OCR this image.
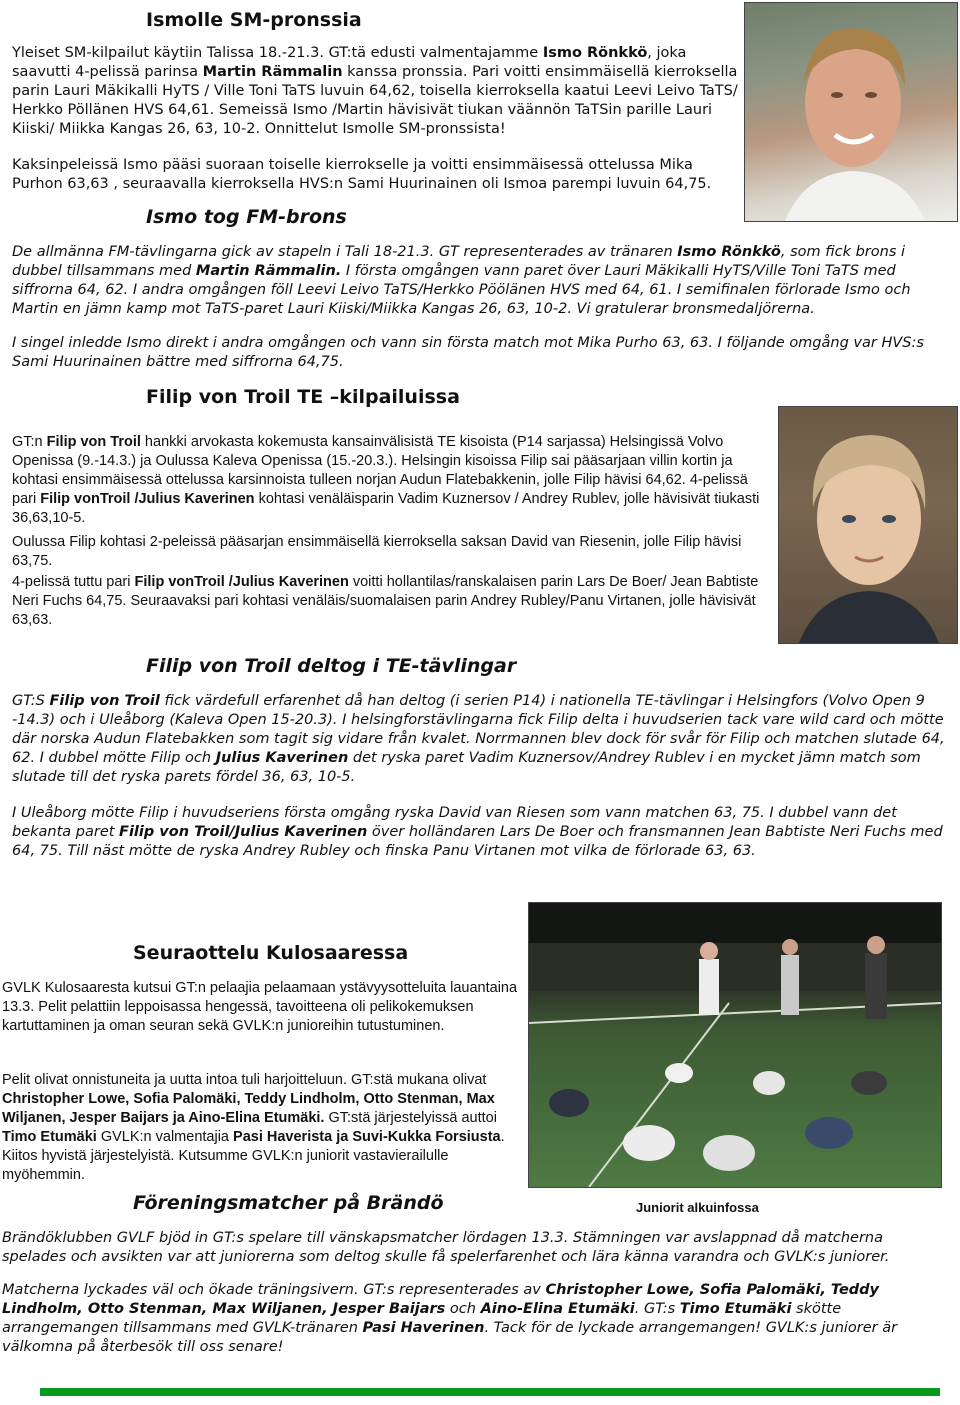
Ismolle SM-pronssia

Yleiset SM-kilpailut käytiin Talissa 18.-21.3. GT:tä edusti valmentajamme Ismo Rönkkö, joka saavutti 4-pelissä parinsa Martin Rämmalin kanssa pronssia. Pari voitti ensimmäisellä kierroksella parin Lauri Mäkikalli HyTS / Ville Toni TaTS luvuin 64,62, toisella kierroksella kaatui Leevi Leivo TaTS/ Herkko Pöllänen HVS 64,61. Semeissä Ismo /Martin hävisivät tiukan väännön TaTSin parille Lauri Kiiski/ Miikka Kangas 26, 63, 10-2. Onnittelut Ismolle SM-pronssista!

Kaksinpeleissä Ismo pääsi suoraan toiselle kierrokselle ja voitti ensimmäisessä ottelussa Mika Purhon 63,63 , seuraavalla kierroksella HVS:n Sami Huurinainen oli Ismoa parempi luvuin 64,75.

Ismo tog FM-brons

De allmänna FM-tävlingarna gick av stapeln i Tali 18-21.3. GT representerades av tränaren Ismo Rönkkö, som fick brons i dubbel tillsammans med Martin Rämmalin. I första omgången vann paret över Lauri Mäkikalli HyTS/Ville Toni TaTS med siffrorna 64, 62. I andra omgången föll Leevi Leivo TaTS/Herkko Pöölänen HVS med 64, 61. I semifinalen förlorade Ismo och Martin en jämn kamp mot TaTS-paret Lauri Kiiski/Miikka Kangas 26, 63, 10-2. Vi gratulerar bronsmedaljörerna.

I singel inledde Ismo direkt i andra omgången och vann sin första match mot Mika Purho 63, 63. I följande omgång var HVS:s Sami Huurinainen bättre med siffrorna 64,75.

Filip von Troil TE –kilpailuissa

GT:n Filip von Troil hankki arvokasta kokemusta kansainvälisistä TE kisoista (P14 sarjassa) Helsingissä Volvo Openissa (9.-14.3.) ja Oulussa Kaleva Openissa (15.-20.3.). Helsingin kisoissa Filip sai pääsarjaan villin kortin ja kohtasi ensimmäisessä ottelussa karsinnoista tulleen norjan Audun Flatebakkenin, jolle Filip hävisi 64,62. 4-pelissä pari Filip vonTroil /Julius Kaverinen kohtasi venäläisparin Vadim Kuznersov / Andrey Rublev, jolle hävisivät tiukasti 36,63,10-5.

Oulussa Filip kohtasi 2-peleissä pääsarjan ensimmäisellä kierroksella saksan David van Riesenin, jolle Filip hävisi 63,75.

4-pelissä tuttu pari Filip vonTroil /Julius Kaverinen voitti hollantilas/ranskalaisen parin Lars De Boer/ Jean Babtiste Neri Fuchs 64,75. Seuraavaksi pari kohtasi venäläis/suomalaisen parin Andrey Rubley/Panu Virtanen, jolle hävisivät 63,63.

Filip von Troil deltog i TE-tävlingar

GT:S Filip von Troil fick värdefull erfarenhet då han deltog (i serien P14) i nationella TE-tävlingar i Helsingfors (Volvo Open 9 -14.3) och i Uleåborg (Kaleva Open 15-20.3). I helsingforstävlingarna fick Filip delta i huvudserien tack vare wild card och mötte där norska Audun Flatebakken som tagit sig vidare från kvalet. Norrmannen blev dock för svår för Filip och matchen slutade 64, 62. I dubbel mötte Filip och Julius Kaverinen det ryska paret Vadim Kuznersov/Andrey Rublev i en mycket jämn match som slutade till det ryska parets fördel 36, 63, 10-5.

I Uleåborg mötte Filip i huvudseriens första omgång ryska David van Riesen som vann matchen 63, 75. I dubbel vann det bekanta paret Filip von Troil/Julius Kaverinen över holländaren Lars De Boer och fransmannen Jean Babtiste Neri Fuchs med 64, 75. Till näst mötte de ryska Andrey Rubley och finska Panu Virtanen mot vilka de förlorade 63, 63.

Seuraottelu Kulosaaressa

GVLK Kulosaaresta kutsui GT:n pelaajia pelaamaan ystävyysotteluita lauantaina 13.3. Pelit pelattiin leppoisassa hengessä, tavoitteena oli pelikokemuksen kartuttaminen ja oman seuran sekä GVLK:n junioreihin tutustuminen.

Pelit olivat onnistuneita ja uutta intoa tuli harjoitteluun. GT:stä mukana olivat Christopher Lowe, Sofia Palomäki, Teddy Lindholm, Otto Stenman, Max Wiljanen, Jesper Baijars ja Aino-Elina Etumäki. GT:stä järjestelyissä auttoi Timo Etumäki GVLK:n valmentajia Pasi Haverista ja Suvi-Kukka Forsiusta. Kiitos hyvistä järjestelyistä. Kutsumme GVLK:n juniorit vastavierailulle myöhemmin.

Juniorit alkuinfossa
Föreningsmatcher på Brändö

Brändöklubben GVLF bjöd in GT:s spelare till vänskapsmatcher lördagen 13.3. Stämningen var avslappnad då matcherna spelades och avsikten var att juniorerna som deltog skulle få spelerfarenhet och lära känna varandra och GVLK:s juniorer.

Matcherna lyckades väl och ökade träningsivern. GT:s representerades av Christopher Lowe, Sofia Palomäki, Teddy Lindholm, Otto Stenman, Max Wiljanen, Jesper Baijars och Aino-Elina Etumäki. GT:s Timo Etumäki skötte arrangemangen tillsammans med GVLK-tränaren Pasi Haverinen. Tack för de lyckade arrangemangen! GVLK:s juniorer är välkomna på återbesök till oss senare!
